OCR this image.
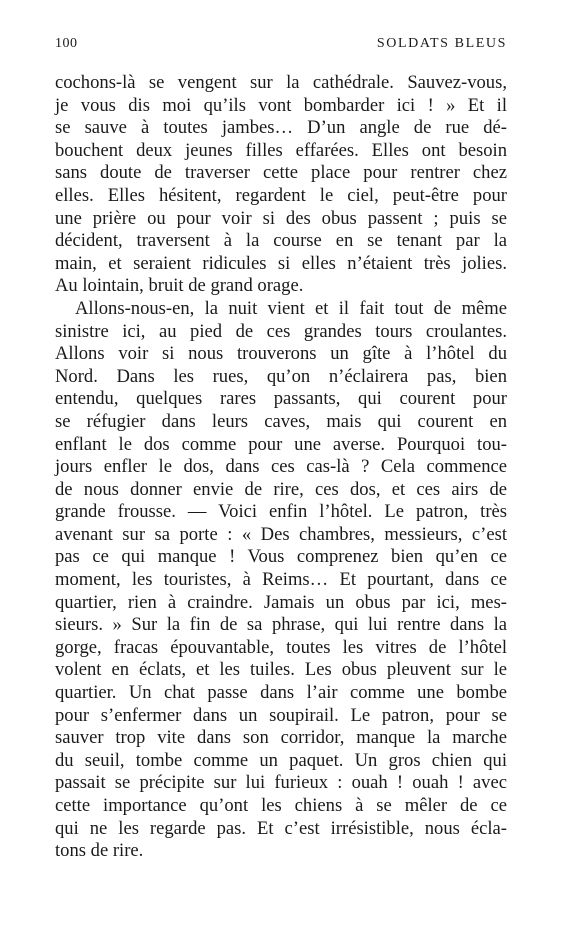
100	SOLDATS BLEUS
cochons-là se vengent sur la cathédrale. Sauvez-vous,
je vous dis moi qu’ils vont bombarder ici ! » Et il
se sauve à toutes jambes… D’un angle de rue dé-
bouchent deux jeunes filles effarées. Elles ont besoin
sans doute de traverser cette place pour rentrer chez
elles. Elles hésitent, regardent le ciel, peut-être pour
une prière ou pour voir si des obus passent ; puis se
décident, traversent à la course en se tenant par la
main, et seraient ridicules si elles n’étaient très jolies.
Au lointain, bruit de grand orage.
Allons-nous-en, la nuit vient et il fait tout de même
sinistre ici, au pied de ces grandes tours croulantes.
Allons voir si nous trouverons un gîte à l’hôtel du
Nord. Dans les rues, qu’on n’éclairera pas, bien
entendu, quelques rares passants, qui courent pour
se réfugier dans leurs caves, mais qui courent en
enflant le dos comme pour une averse. Pourquoi tou-
jours enfler le dos, dans ces cas-là ? Cela commence
de nous donner envie de rire, ces dos, et ces airs de
grande frousse. — Voici enfin l’hôtel. Le patron, très
avenant sur sa porte : « Des chambres, messieurs, c’est
pas ce qui manque ! Vous comprenez bien qu’en ce
moment, les touristes, à Reims… Et pourtant, dans ce
quartier, rien à craindre. Jamais un obus par ici, mes-
sieurs. » Sur la fin de sa phrase, qui lui rentre dans la
gorge, fracas épouvantable, toutes les vitres de l’hôtel
volent en éclats, et les tuiles. Les obus pleuvent sur le
quartier. Un chat passe dans l’air comme une bombe
pour s’enfermer dans un soupirail. Le patron, pour se
sauver trop vite dans son corridor, manque la marche
du seuil, tombe comme un paquet. Un gros chien qui
passait se précipite sur lui furieux : ouah ! ouah ! avec
cette importance qu’ont les chiens à se mêler de ce
qui ne les regarde pas. Et c’est irrésistible, nous écla-
tons de rire.
